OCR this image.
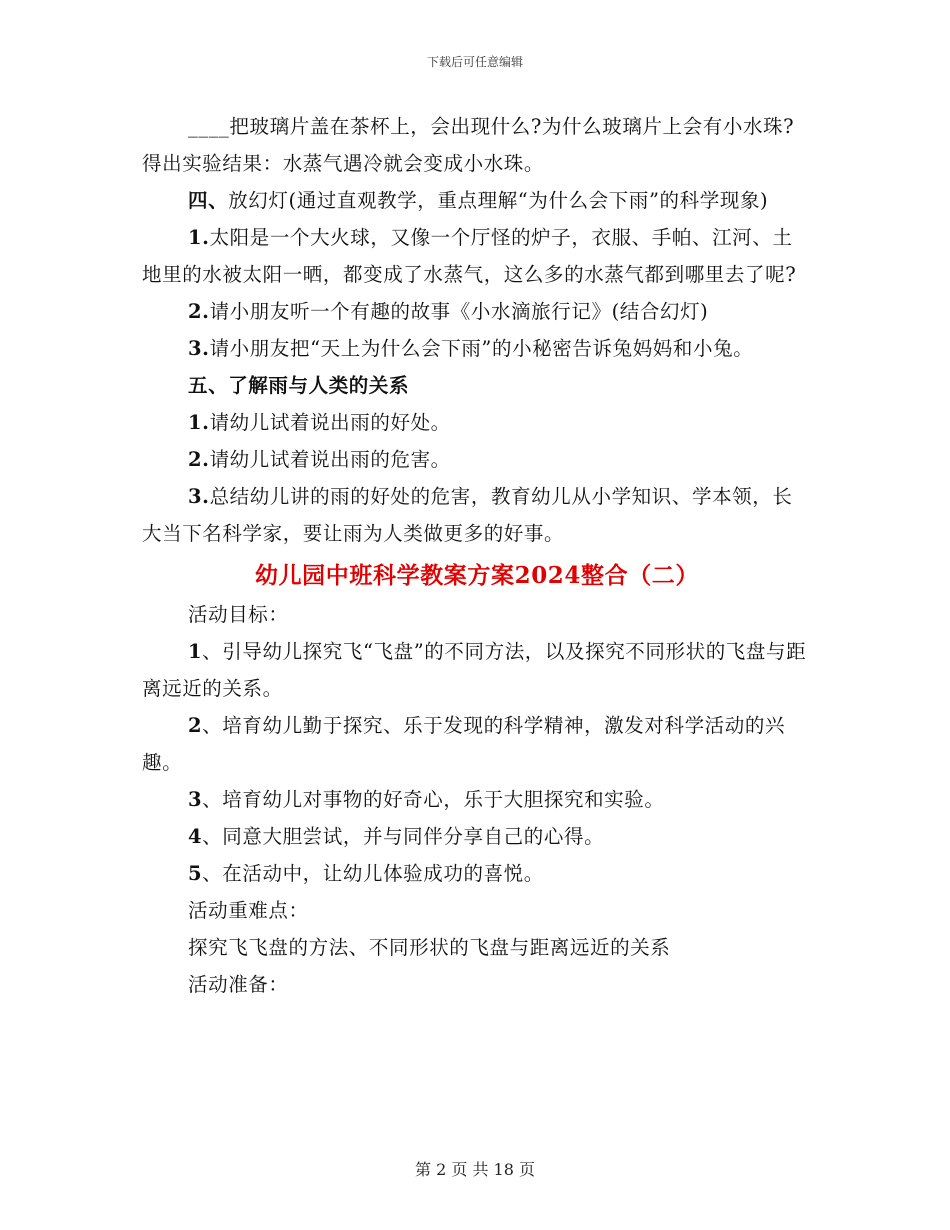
下载后可任意编辑

____把玻璃片盖在茶杯上，会出现什么?为什么玻璃片上会有小水珠?得出实验结果：水蒸气遇冷就会变成小水珠。

四、放幻灯(通过直观教学，重点理解“为什么会下雨”的科学现象)

1.太阳是一个大火球，又像一个厅怪的炉子，衣服、手帕、江河、土地里的水被太阳一晒，都变成了水蒸气，这么多的水蒸气都到哪里去了呢?

2.请小朋友听一个有趣的故事《小水滴旅行记》(结合幻灯)

3.请小朋友把“天上为什么会下雨”的小秘密告诉兔妈妈和小兔。

五、了解雨与人类的关系

1.请幼儿试着说出雨的好处。

2.请幼儿试着说出雨的危害。

3.总结幼儿讲的雨的好处的危害，教育幼儿从小学知识、学本领，长大当下名科学家，要让雨为人类做更多的好事。

幼儿园中班科学教案方案2024整合（二）

活动目标：

1、引导幼儿探究飞“飞盘”的不同方法，以及探究不同形状的飞盘与距离远近的关系。

2、培育幼儿勤于探究、乐于发现的科学精神，激发对科学活动的兴趣。

3、培育幼儿对事物的好奇心，乐于大胆探究和实验。

4、同意大胆尝试，并与同伴分享自己的心得。

5、在活动中，让幼儿体验成功的喜悦。

活动重难点：

探究飞飞盘的方法、不同形状的飞盘与距离远近的关系

活动准备：

第 2 页 共 18 页
